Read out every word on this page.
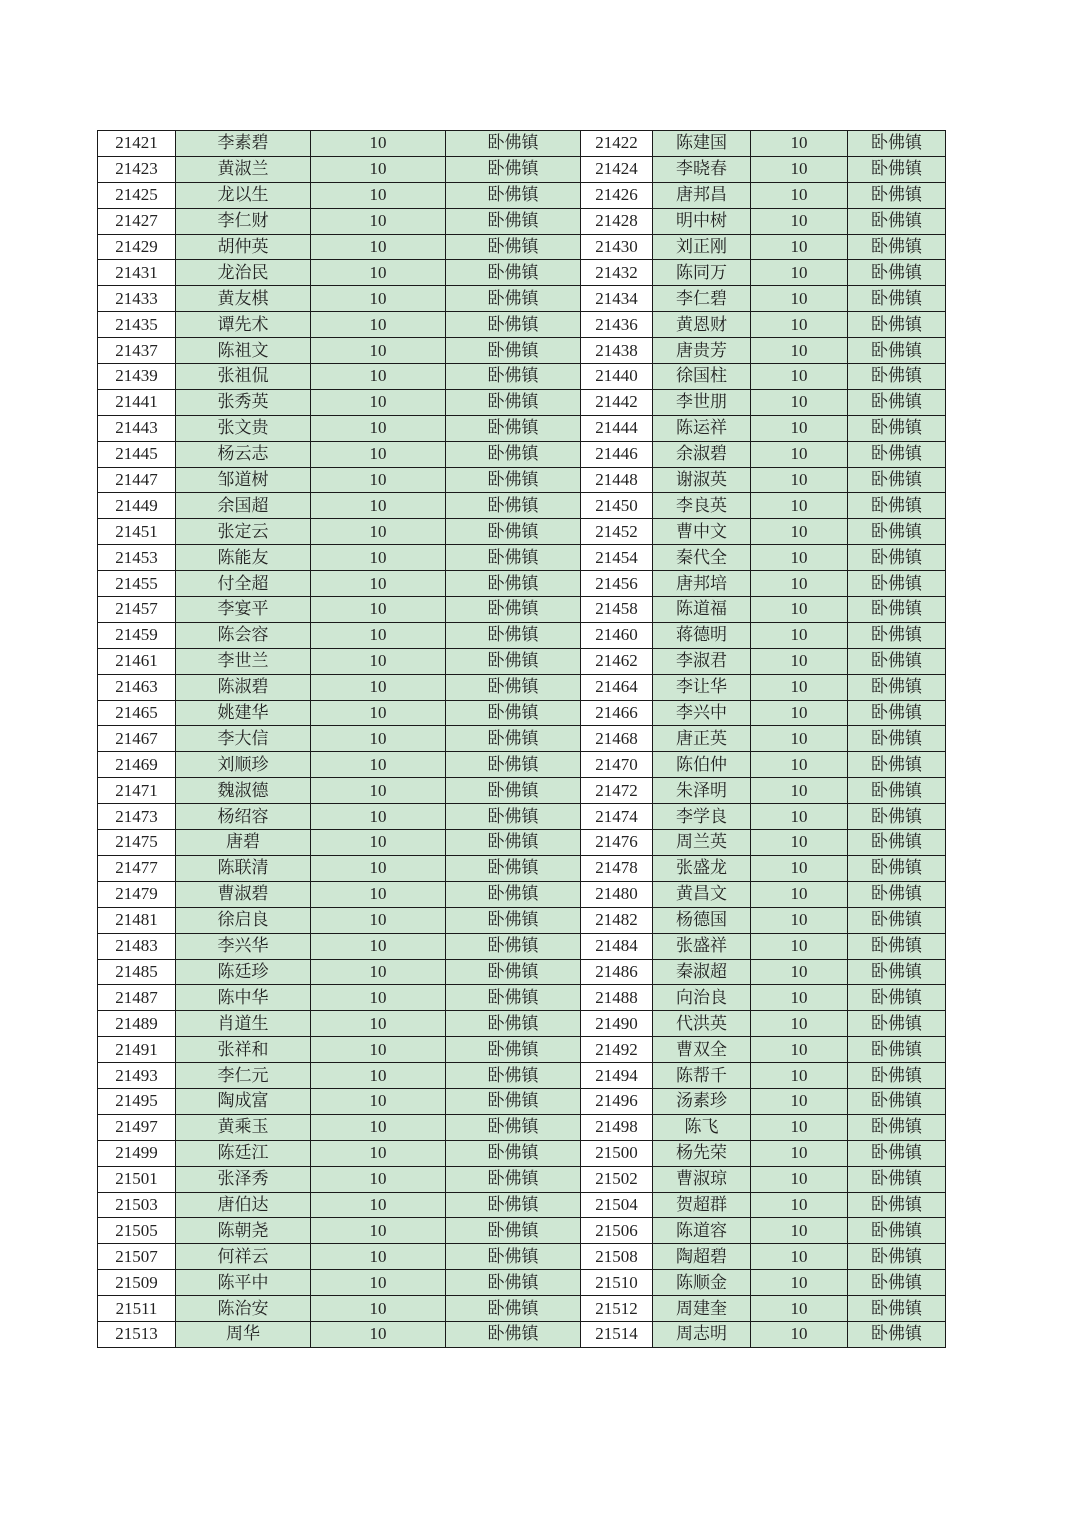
21421	李素碧	10	卧佛镇	21422	陈建国	10	卧佛镇
21423	黄淑兰	10	卧佛镇	21424	李晓春	10	卧佛镇
21425	龙以生	10	卧佛镇	21426	唐邦昌	10	卧佛镇
21427	李仁财	10	卧佛镇	21428	明中树	10	卧佛镇
21429	胡仲英	10	卧佛镇	21430	刘正刚	10	卧佛镇
21431	龙治民	10	卧佛镇	21432	陈同万	10	卧佛镇
21433	黄友棋	10	卧佛镇	21434	李仁碧	10	卧佛镇
21435	谭先术	10	卧佛镇	21436	黄恩财	10	卧佛镇
21437	陈祖文	10	卧佛镇	21438	唐贵芳	10	卧佛镇
21439	张祖侃	10	卧佛镇	21440	徐国柱	10	卧佛镇
21441	张秀英	10	卧佛镇	21442	李世朋	10	卧佛镇
21443	张文贵	10	卧佛镇	21444	陈运祥	10	卧佛镇
21445	杨云志	10	卧佛镇	21446	余淑碧	10	卧佛镇
21447	邹道树	10	卧佛镇	21448	谢淑英	10	卧佛镇
21449	余国超	10	卧佛镇	21450	李良英	10	卧佛镇
21451	张定云	10	卧佛镇	21452	曹中文	10	卧佛镇
21453	陈能友	10	卧佛镇	21454	秦代全	10	卧佛镇
21455	付全超	10	卧佛镇	21456	唐邦培	10	卧佛镇
21457	李宴平	10	卧佛镇	21458	陈道福	10	卧佛镇
21459	陈会容	10	卧佛镇	21460	蒋德明	10	卧佛镇
21461	李世兰	10	卧佛镇	21462	李淑君	10	卧佛镇
21463	陈淑碧	10	卧佛镇	21464	李让华	10	卧佛镇
21465	姚建华	10	卧佛镇	21466	李兴中	10	卧佛镇
21467	李大信	10	卧佛镇	21468	唐正英	10	卧佛镇
21469	刘顺珍	10	卧佛镇	21470	陈伯仲	10	卧佛镇
21471	魏淑德	10	卧佛镇	21472	朱泽明	10	卧佛镇
21473	杨绍容	10	卧佛镇	21474	李学良	10	卧佛镇
21475	唐碧	10	卧佛镇	21476	周兰英	10	卧佛镇
21477	陈联清	10	卧佛镇	21478	张盛龙	10	卧佛镇
21479	曹淑碧	10	卧佛镇	21480	黄昌文	10	卧佛镇
21481	徐启良	10	卧佛镇	21482	杨德国	10	卧佛镇
21483	李兴华	10	卧佛镇	21484	张盛祥	10	卧佛镇
21485	陈廷珍	10	卧佛镇	21486	秦淑超	10	卧佛镇
21487	陈中华	10	卧佛镇	21488	向治良	10	卧佛镇
21489	肖道生	10	卧佛镇	21490	代洪英	10	卧佛镇
21491	张祥和	10	卧佛镇	21492	曹双全	10	卧佛镇
21493	李仁元	10	卧佛镇	21494	陈帮千	10	卧佛镇
21495	陶成富	10	卧佛镇	21496	汤素珍	10	卧佛镇
21497	黄乘玉	10	卧佛镇	21498	陈飞	10	卧佛镇
21499	陈廷江	10	卧佛镇	21500	杨先荣	10	卧佛镇
21501	张泽秀	10	卧佛镇	21502	曹淑琼	10	卧佛镇
21503	唐伯达	10	卧佛镇	21504	贺超群	10	卧佛镇
21505	陈朝尧	10	卧佛镇	21506	陈道容	10	卧佛镇
21507	何祥云	10	卧佛镇	21508	陶超碧	10	卧佛镇
21509	陈平中	10	卧佛镇	21510	陈顺金	10	卧佛镇
21511	陈治安	10	卧佛镇	21512	周建奎	10	卧佛镇
21513	周华	10	卧佛镇	21514	周志明	10	卧佛镇
